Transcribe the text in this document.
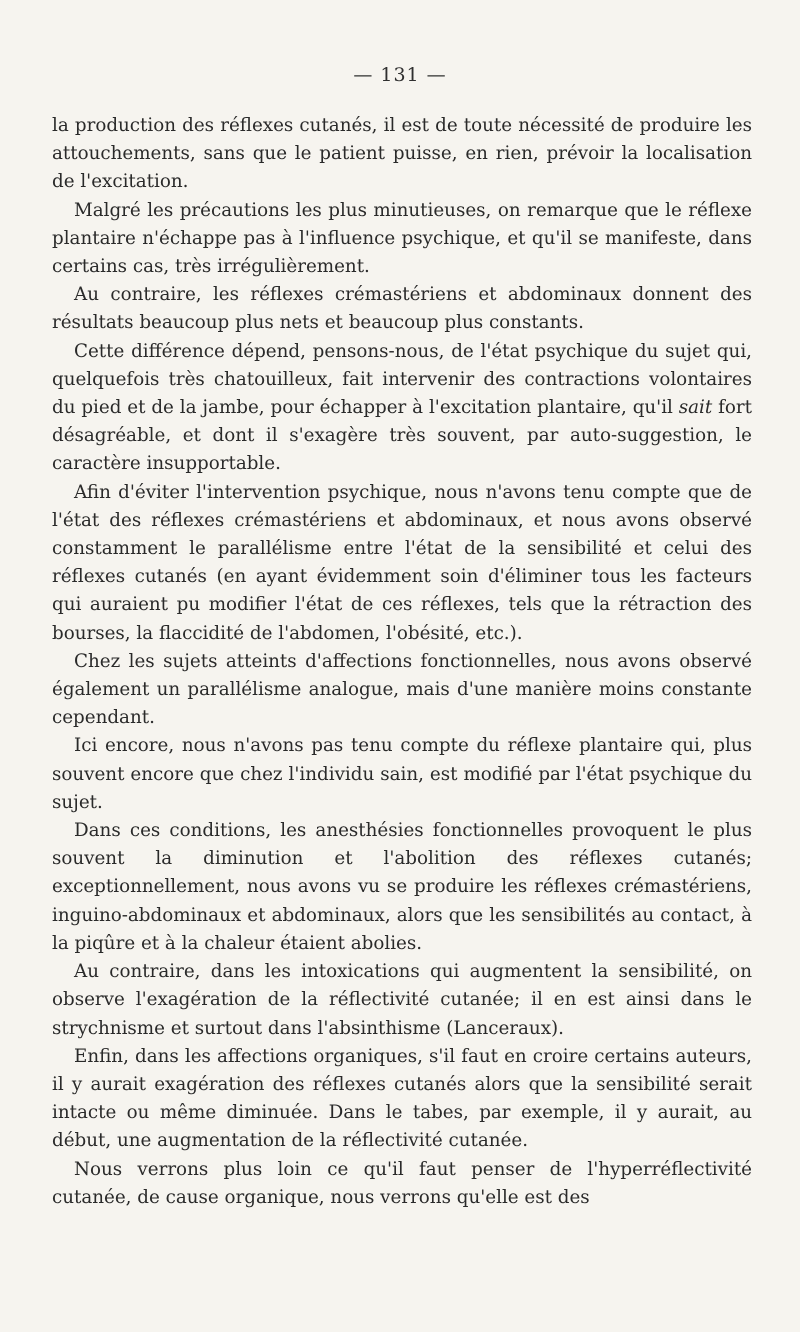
— 131 —

la production des réflexes cutanés, il est de toute nécessité de produire les attouchements, sans que le patient puisse, en rien, prévoir la localisation de l'excitation.

Malgré les précautions les plus minutieuses, on remarque que le réflexe plantaire n'échappe pas à l'influence psychique, et qu'il se manifeste, dans certains cas, très irrégulièrement.

Au contraire, les réflexes crémastériens et abdominaux donnent des résultats beaucoup plus nets et beaucoup plus constants.

Cette différence dépend, pensons-nous, de l'état psychique du sujet qui, quelquefois très chatouilleux, fait intervenir des contractions volontaires du pied et de la jambe, pour échapper à l'excitation plantaire, qu'il sait fort désagréable, et dont il s'exagère très souvent, par auto-suggestion, le caractère insupportable.

Afin d'éviter l'intervention psychique, nous n'avons tenu compte que de l'état des réflexes crémastériens et abdominaux, et nous avons observé constamment le parallélisme entre l'état de la sensibilité et celui des réflexes cutanés (en ayant évidemment soin d'éliminer tous les facteurs qui auraient pu modifier l'état de ces réflexes, tels que la rétraction des bourses, la flaccidité de l'abdomen, l'obésité, etc.).

Chez les sujets atteints d'affections fonctionnelles, nous avons observé également un parallélisme analogue, mais d'une manière moins constante cependant.

Ici encore, nous n'avons pas tenu compte du réflexe plantaire qui, plus souvent encore que chez l'individu sain, est modifié par l'état psychique du sujet.

Dans ces conditions, les anesthésies fonctionnelles provoquent le plus souvent la diminution et l'abolition des réflexes cutanés; exceptionnellement, nous avons vu se produire les réflexes crémastériens, inguino-abdominaux et abdominaux, alors que les sensibilités au contact, à la piqûre et à la chaleur étaient abolies.

Au contraire, dans les intoxications qui augmentent la sensibilité, on observe l'exagération de la réflectivité cutanée; il en est ainsi dans le strychnisme et surtout dans l'absinthisme (Lanceraux).

Enfin, dans les affections organiques, s'il faut en croire certains auteurs, il y aurait exagération des réflexes cutanés alors que la sensibilité serait intacte ou même diminuée. Dans le tabes, par exemple, il y aurait, au début, une augmentation de la réflectivité cutanée.

Nous verrons plus loin ce qu'il faut penser de l'hyperréflectivité cutanée, de cause organique, nous verrons qu'elle est des
